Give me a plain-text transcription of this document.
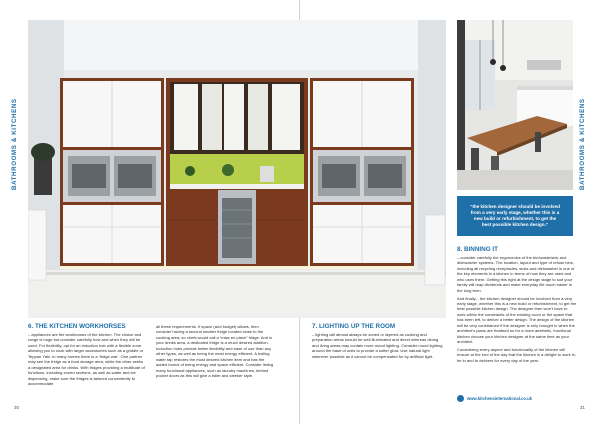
BATHROOMS & KITCHENS	BATHROOMS & KITCHENS
“the kitchen designer should be involved from a very early stage, whether this is a new build or refurbishment, to get the best possible kitchen design.”
6. THE KITCHEN WORKHORSES
– appliances are the workhorses of the kitchen. The choice and range is huge but consider carefully how and when they will be used. For flexibility, opt for an induction hob with a flexible zone allowing you to cook with larger accessories such as a griddle or Teppan Yaki. In many homes there is a ‘fridge war’. One partner may see the fridge as a food storage area, while the other seeks a designated area for drinks. With fridges providing a multitude of functions, including zoned sections, as well as water and ice dispensing, make sure the fridges is tailored conveniently to accommodate
all these requirements. If space (and budget) allows, then consider having a second smaller fridge located close to the cooking area, so chefs would call a “mise en place” fridge. And in your drinks area, a dedicated fridge is a much desired addition. Induction hobs provide better flexibility and ease of use than any other types, as well as being the most energy efficient. A boiling water tap restores the most desired kitchen item and has the added bonus of being energy and space efficient. Consider listing many functional appliances, such as laundry machines, behind pocket doors as this will give a tidier and sleeker style.
7. LIGHTING UP THE ROOM
– lighting will almost always be zoned or layered as cooking and preparation areas should be well illuminated and direct whereas dining and living areas may contain more mood lighting. Consider mood lighting around the base of units to provide a softer glow. Use natural light wherever possible as it cannot be compensated for by artificial light.
8. BINNING IT

– consider carefully the ergonomics of the bin/waste/sink and dishwasher systems. The location, layout and type of refuse bins, including all recycling receptacles, sinks and dishwasher is one of the key elements in a kitchen in terms of how they are used and who uses them. Getting this right at the design stage to suit your family will reap dividends and make everyday life much easier in the long term.

And finally... the kitchen designer should be involved from a very early stage, whether this is a new build or refurbishment, to get the best possible kitchen design. The designer then won’t have to work within the constraints of the existing room or the space that has been left, to deliver a better design. The design of the kitchen will be very constrained if the designer is only brought in when the architect’s plans are finalised so for a more aesthetic, functional kitchen choose your kitchen designer at the same time as your architect.

Considering every aspect and functionality of the kitchen will ensure at the end of the day that the kitchen is a delight to work in, be in and to delivers for every day of the year.

www.kitchensinternational.co.uk
30	31
